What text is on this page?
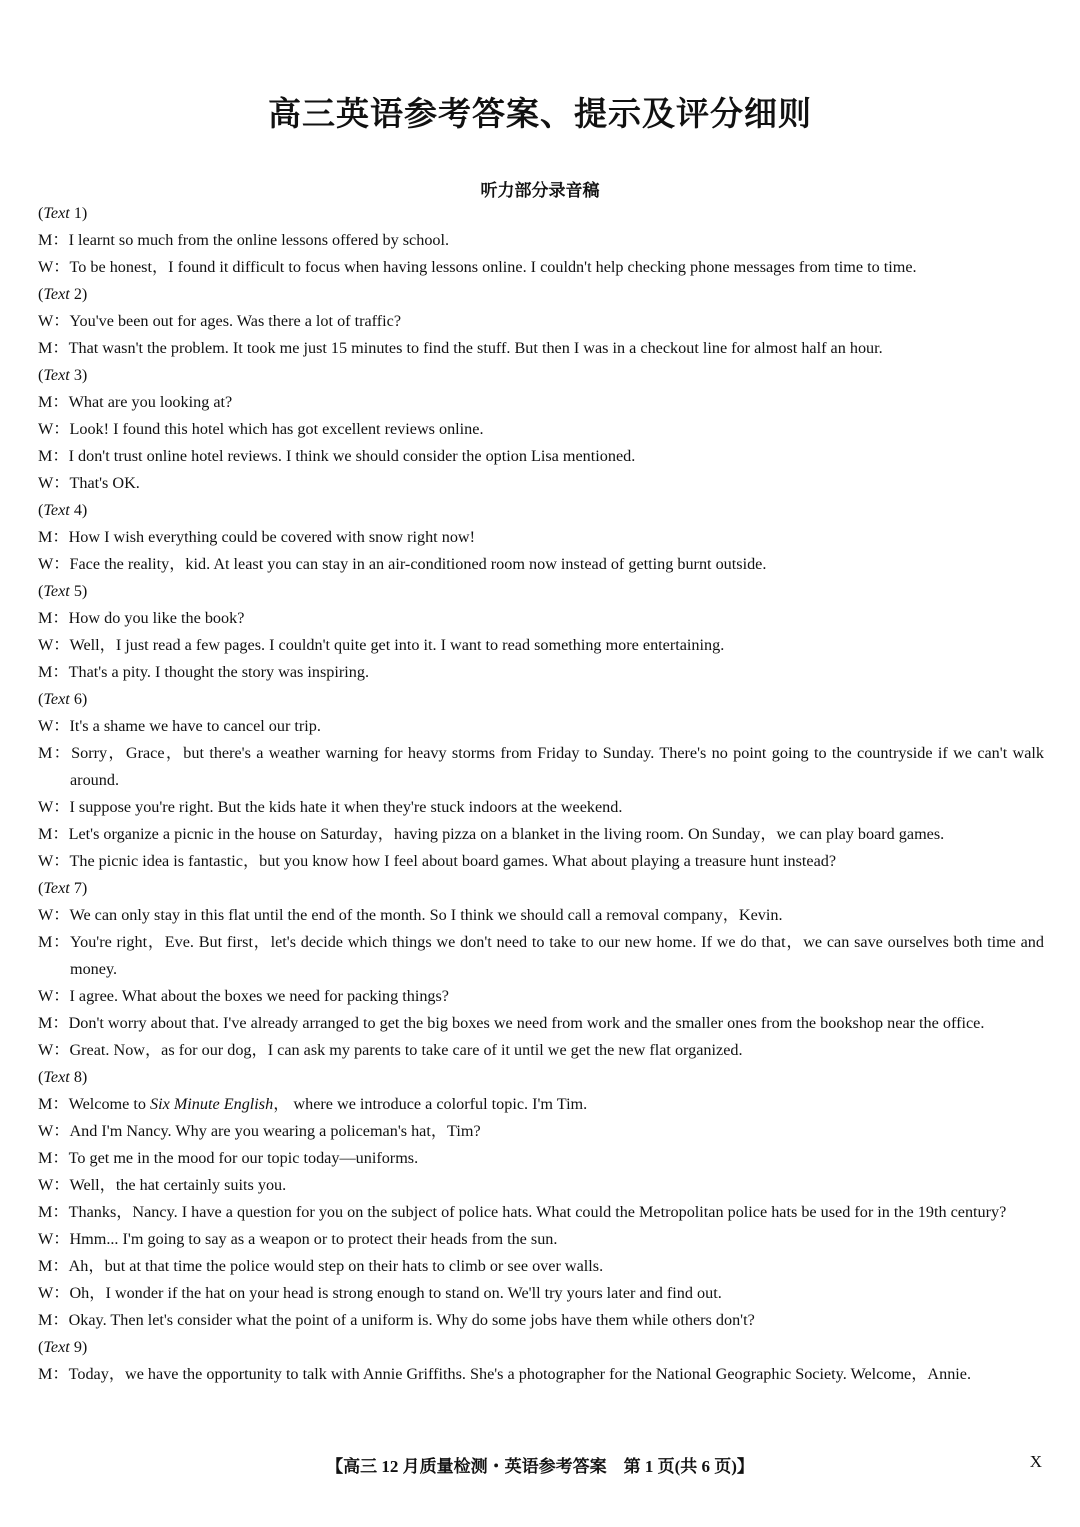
高三英语参考答案、提示及评分细则
听力部分录音稿

(Text 1)

M：I learnt so much from the online lessons offered by school.

W：To be honest，I found it difficult to focus when having lessons online. I couldn't help checking phone messages from time to time.

(Text 2)

W：You've been out for ages. Was there a lot of traffic?

M：That wasn't the problem. It took me just 15 minutes to find the stuff. But then I was in a checkout line for almost half an hour.

(Text 3)

M：What are you looking at?

W：Look! I found this hotel which has got excellent reviews online.

M：I don't trust online hotel reviews. I think we should consider the option Lisa mentioned.

W：That's OK.

(Text 4)

M：How I wish everything could be covered with snow right now!

W：Face the reality，kid. At least you can stay in an air-conditioned room now instead of getting burnt outside.

(Text 5)

M：How do you like the book?

W：Well，I just read a few pages. I couldn't quite get into it. I want to read something more entertaining.

M：That's a pity. I thought the story was inspiring.

(Text 6)

W：It's a shame we have to cancel our trip.

M：Sorry，Grace，but there's a weather warning for heavy storms from Friday to Sunday. There's no point going to the countryside if we can't walk around.

W：I suppose you're right. But the kids hate it when they're stuck indoors at the weekend.

M：Let's organize a picnic in the house on Saturday，having pizza on a blanket in the living room. On Sunday，we can play board games.

W：The picnic idea is fantastic，but you know how I feel about board games. What about playing a treasure hunt instead?

(Text 7)

W：We can only stay in this flat until the end of the month. So I think we should call a removal company，Kevin.

M：You're right，Eve. But first，let's decide which things we don't need to take to our new home. If we do that，we can save ourselves both time and money.

W：I agree. What about the boxes we need for packing things?

M：Don't worry about that. I've already arranged to get the big boxes we need from work and the smaller ones from the bookshop near the office.

W：Great. Now，as for our dog，I can ask my parents to take care of it until we get the new flat organized.

(Text 8)

M：Welcome to Six Minute English， where we introduce a colorful topic. I'm Tim.

W：And I'm Nancy. Why are you wearing a policeman's hat，Tim?

M：To get me in the mood for our topic today—uniforms.

W：Well，the hat certainly suits you.

M：Thanks，Nancy. I have a question for you on the subject of police hats. What could the Metropolitan police hats be used for in the 19th century?

W：Hmm... I'm going to say as a weapon or to protect their heads from the sun.

M：Ah，but at that time the police would step on their hats to climb or see over walls.

W：Oh，I wonder if the hat on your head is strong enough to stand on. We'll try yours later and find out.

M：Okay. Then let's consider what the point of a uniform is. Why do some jobs have them while others don't?

(Text 9)

M：Today，we have the opportunity to talk with Annie Griffiths. She's a photographer for the National Geographic Society. Welcome，Annie.

【高三 12 月质量检测・英语参考答案　第 1 页(共 6 页)】	X
